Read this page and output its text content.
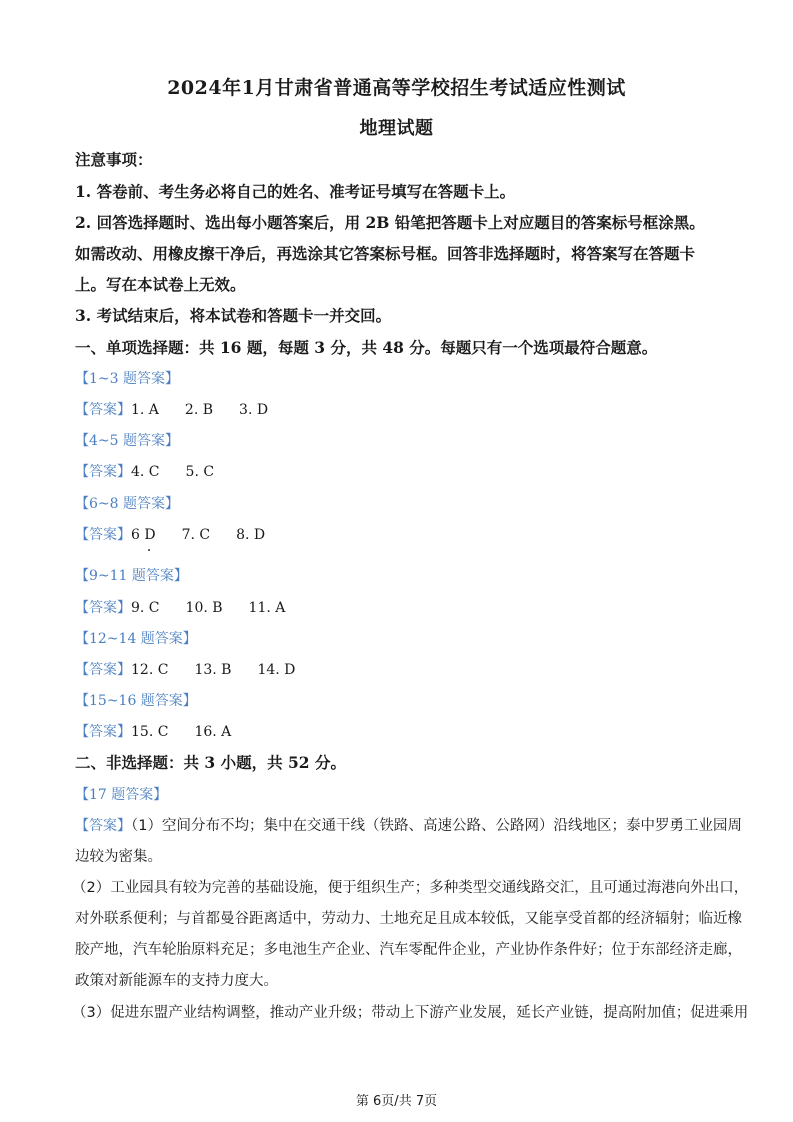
2024年1月甘肃省普通高等学校招生考试适应性测试
地理试题
注意事项：
1. 答卷前、考生务必将自己的姓名、准考证号填写在答题卡上。
2. 回答选择题时、选出每小题答案后，用 2B 铅笔把答题卡上对应题目的答案标号框涂黑。
如需改动、用橡皮擦干净后，再选涂其它答案标号框。回答非选择题时，将答案写在答题卡
上。写在本试卷上无效。
3. 考试结束后，将本试卷和答题卡一并交回。
一、单项选择题：共 16 题，每题 3 分，共 48 分。每题只有一个选项最符合题意。
【1~3 题答案】
【答案】1. A 2. B 3. D
【4~5 题答案】
【答案】4. C 5. C
【6~8 题答案】
【答案】6 D 7. C 8. D
【9~11 题答案】
【答案】9. C 10. B 11. A
【12~14 题答案】
【答案】12. C 13. B 14. D
【15~16 题答案】
【答案】15. C 16. A
二、非选择题：共 3 小题，共 52 分。
【17 题答案】
【答案】（1）空间分布不均；集中在交通干线（铁路、高速公路、公路网）沿线地区；泰中罗勇工业园周
边较为密集。
（2）工业园具有较为完善的基础设施，便于组织生产；多种类型交通线路交汇，且可通过海港向外出口，
对外联系便利；与首都曼谷距离适中，劳动力、土地充足且成本较低，又能享受首都的经济辐射；临近橡
胶产地，汽车轮胎原料充足；多电池生产企业、汽车零配件企业，产业协作条件好；位于东部经济走廊，
政策对新能源车的支持力度大。
（3）促进东盟产业结构调整，推动产业升级；带动上下游产业发展，延长产业链，提高附加值；促进乘用
第 6页/共 7页
